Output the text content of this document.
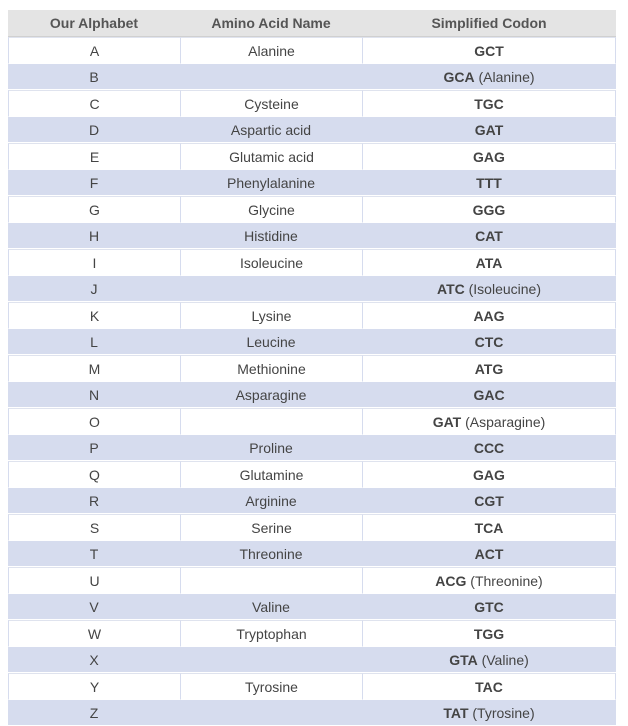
Our Alphabet	Amino Acid Name	Simplified Codon
A	Alanine	GCT
B		GCA (Alanine)
C	Cysteine	TGC
D	Aspartic acid	GAT
E	Glutamic acid	GAG
F	Phenylalanine	TTT
G	Glycine	GGG
H	Histidine	CAT
I	Isoleucine	ATA
J		ATC (Isoleucine)
K	Lysine	AAG
L	Leucine	CTC
M	Methionine	ATG
N	Asparagine	GAC
O		GAT (Asparagine)
P	Proline	CCC
Q	Glutamine	GAG
R	Arginine	CGT
S	Serine	TCA
T	Threonine	ACT
U		ACG (Threonine)
V	Valine	GTC
W	Tryptophan	TGG
X		GTA (Valine)
Y	Tyrosine	TAC
Z		TAT (Tyrosine)
